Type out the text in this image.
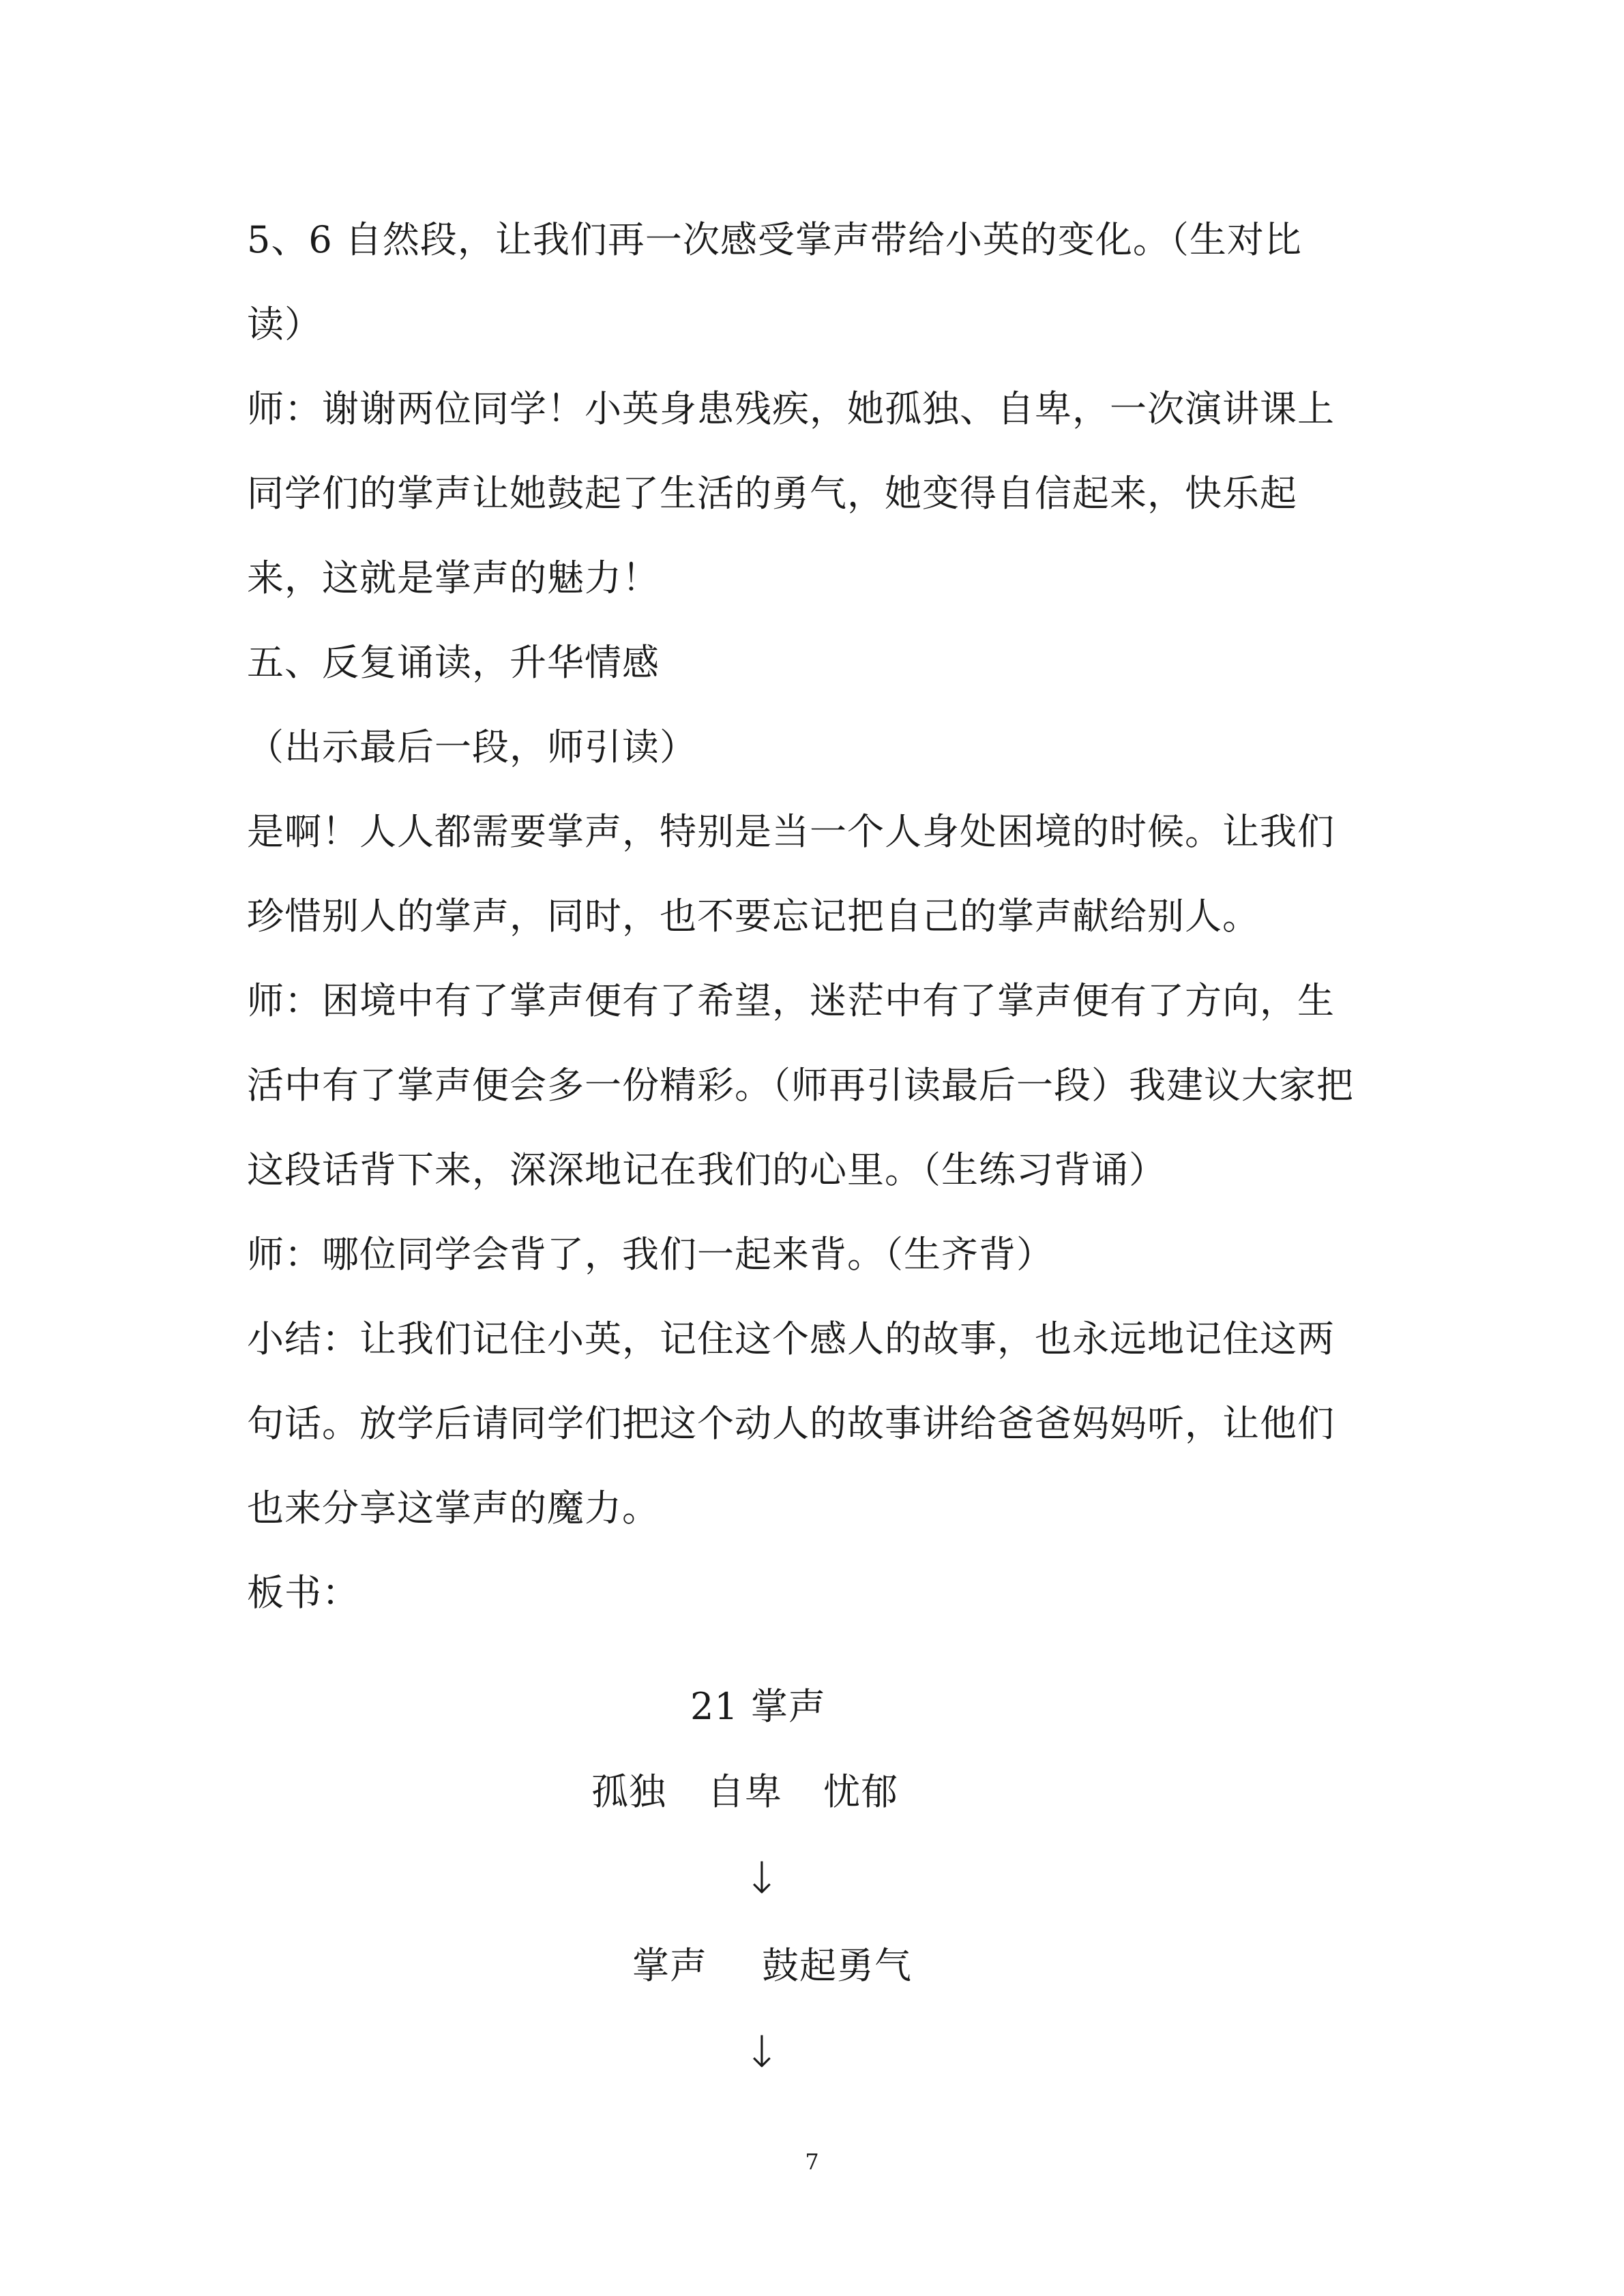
5、6 自然段，让我们再一次感受掌声带给小英的变化。（生对比
读）
师：谢谢两位同学！小英身患残疾，她孤独、自卑，一次演讲课上
同学们的掌声让她鼓起了生活的勇气，她变得自信起来，快乐起
来，这就是掌声的魅力！
五、反复诵读，升华情感
（出示最后一段，师引读）
是啊！人人都需要掌声，特别是当一个人身处困境的时候。让我们
珍惜别人的掌声，同时，也不要忘记把自己的掌声献给别人。
师：困境中有了掌声便有了希望，迷茫中有了掌声便有了方向，生
活中有了掌声便会多一份精彩。（师再引读最后一段）我建议大家把
这段话背下来，深深地记在我们的心里。（生练习背诵）
师：哪位同学会背了，我们一起来背。（生齐背）
小结：让我们记住小英，记住这个感人的故事，也永远地记住这两
句话。放学后请同学们把这个动人的故事讲给爸爸妈妈听，让他们
也来分享这掌声的魔力。
板书：
21 掌声
孤独 自卑 忧郁
↓
掌声 鼓起勇气
↓
7
